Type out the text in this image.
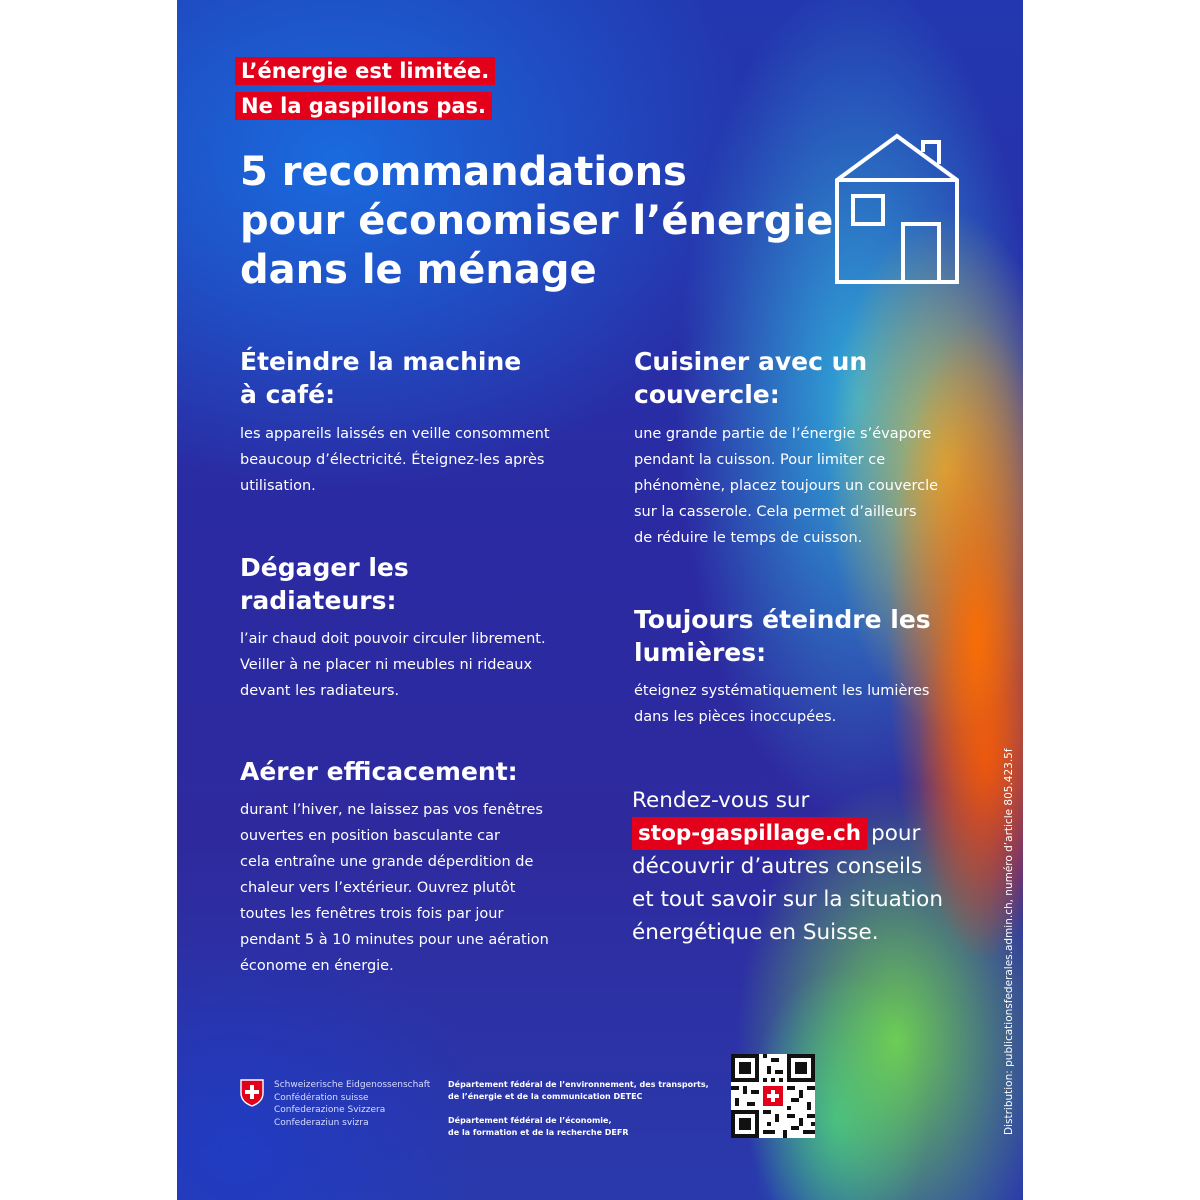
L’énergie est limitée.
Ne la gaspillons pas.
5 recommandations
pour économiser l’énergie
dans le ménage
Éteindre la machine
à café:

les appareils laissés en veille consomment
beaucoup d’électricité. Éteignez-les après
utilisation.

Dégager les
radiateurs:

l’air chaud doit pouvoir circuler librement.
Veiller à ne placer ni meubles ni rideaux
devant les radiateurs.

Aérer efficacement:

durant l’hiver, ne laissez pas vos fenêtres
ouvertes en position basculante car
cela entraîne une grande déperdition de
chaleur vers l’extérieur. Ouvrez plutôt
toutes les fenêtres trois fois par jour
pendant 5 à 10 minutes pour une aération
économe en énergie.

Cuisiner avec un
couvercle:

une grande partie de l’énergie s’évapore
pendant la cuisson. Pour limiter ce
phénomène, placez toujours un couvercle
sur la casserole. Cela permet d’ailleurs
de réduire le temps de cuisson.

Toujours éteindre les
lumières:

éteignez systématiquement les lumières
dans les pièces inoccupées.

Rendez-vous sur
stop-gaspillage.ch pour
découvrir d’autres conseils
et tout savoir sur la situation
énergétique en Suisse.
Schweizerische Eidgenossenschaft
Confédération suisse
Confederazione Svizzera
Confederaziun svizra
Département fédéral de l’environnement, des transports,
de l’énergie et de la communication DETEC
Département fédéral de l’économie,
de la formation et de la recherche DEFR	Distribution: publicationsfederales.admin.ch, numéro d’article 805.423.5f
